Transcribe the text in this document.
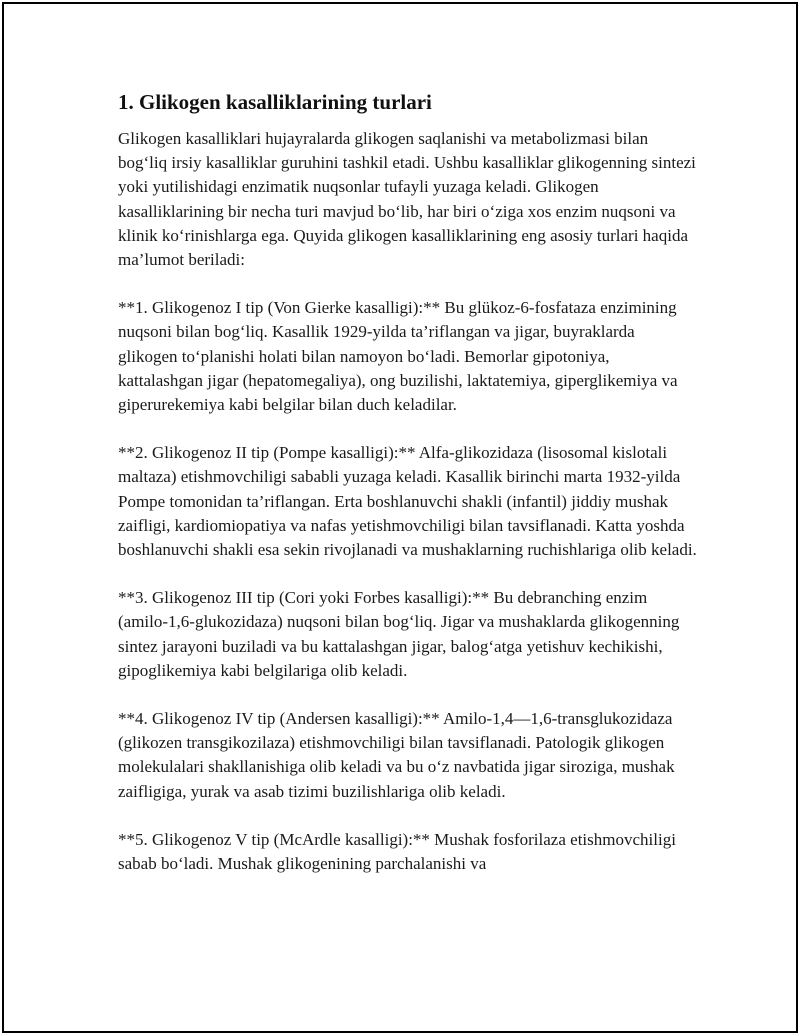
1. Glikogen kasalliklarining turlari

Glikogen kasalliklari hujayralarda glikogen saqlanishi va metabolizmasi bilan bog‘liq irsiy kasalliklar guruhini tashkil etadi. Ushbu kasalliklar glikogenning sintezi yoki yutilishidagi enzimatik nuqsonlar tufayli yuzaga keladi. Glikogen kasalliklarining bir necha turi mavjud bo‘lib, har biri o‘ziga xos enzim nuqsoni va klinik ko‘rinishlarga ega. Quyida glikogen kasalliklarining eng asosiy turlari haqida ma’lumot beriladi:

**1. Glikogenoz I tip (Von Gierke kasalligi):** Bu glükoz-6-fosfataza enzimining nuqsoni bilan bog‘liq. Kasallik 1929-yilda ta’riflangan va jigar, buyraklarda glikogen to‘planishi holati bilan namoyon bo‘ladi. Bemorlar gipotoniya, kattalashgan jigar (hepatomegaliya), ong buzilishi, laktatemiya, giperglikemiya va giperurekemiya kabi belgilar bilan duch keladilar.

**2. Glikogenoz II tip (Pompe kasalligi):** Alfa-glikozidaza (lisosomal kislotali maltaza) etishmovchiligi sababli yuzaga keladi. Kasallik birinchi marta 1932-yilda Pompe tomonidan ta’riflangan. Erta boshlanuvchi shakli (infantil) jiddiy mushak zaifligi, kardiomiopatiya va nafas yetishmovchiligi bilan tavsiflanadi. Katta yoshda boshlanuvchi shakli esa sekin rivojlanadi va mushaklarning ruchishlariga olib keladi.

**3. Glikogenoz III tip (Cori yoki Forbes kasalligi):** Bu debranching enzim (amilo-1,6-glukozidaza) nuqsoni bilan bog‘liq. Jigar va mushaklarda glikogenning sintez jarayoni buziladi va bu kattalashgan jigar, balog‘atga yetishuv kechikishi, gipoglikemiya kabi belgilariga olib keladi.

**4. Glikogenoz IV tip (Andersen kasalligi):** Amilo-1,4—1,6-transglukozidaza (glikozen transgikozilaza) etishmovchiligi bilan tavsiflanadi. Patologik glikogen molekulalari shakllanishiga olib keladi va bu o‘z navbatida jigar siroziga, mushak zaifligiga, yurak va asab tizimi buzilishlariga olib keladi.

**5. Glikogenoz V tip (McArdle kasalligi):** Mushak fosforilaza etishmovchiligi sabab bo‘ladi. Mushak glikogenining parchalanishi va
